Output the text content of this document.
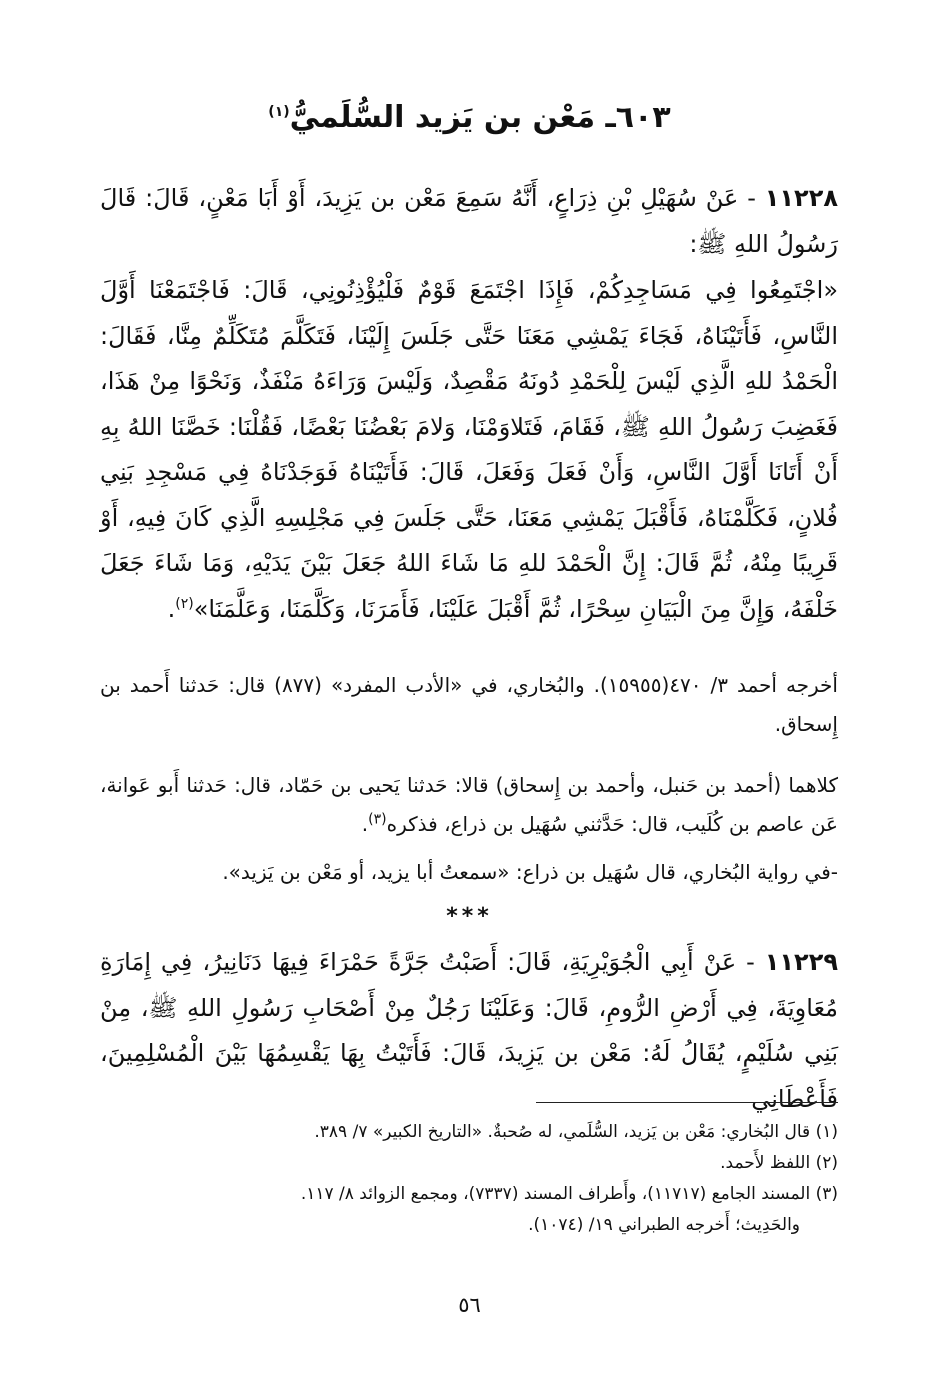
٦٠٣ـ مَعْن بن يَزيد السُّلَميُّ$^{(١)}$
١١٢٢٨ - عَنْ سُهَيْلِ بْنِ ذِرَاعٍ، أَنَّهُ سَمِعَ مَعْن بن يَزِيدَ، أَوْ أَبَا مَعْنٍ، قَالَ: قَالَ رَسُولُ اللهِ ﷺ:
«اجْتَمِعُوا فِي مَسَاجِدِكُمْ، فَإِذَا اجْتَمَعَ قَوْمٌ فَلْيُؤْذِنُونِي، قَالَ: فَاجْتَمَعْنَا أَوَّلَ النَّاسِ، فَأَتَيْنَاهُ، فَجَاءَ يَمْشِي مَعَنَا حَتَّى جَلَسَ إِلَيْنَا، فَتَكَلَّمَ مُتَكَلِّمٌ مِنَّا، فَقَالَ: الْحَمْدُ للهِ الَّذِي لَيْسَ لِلْحَمْدِ دُونَهُ مَقْصِدٌ، وَلَيْسَ وَرَاءَهُ مَنْفَذٌ، وَنَحْوًا مِنْ هَذَا، فَغَضِبَ رَسُولُ اللهِ ﷺ، فَقَامَ، فَتَلاوَمْنَا، وَلامَ بَعْضُنَا بَعْضًا، فَقُلْنَا: خَصَّنَا اللهُ بِهِ أَنْ أَتَانَا أَوَّلَ النَّاسِ، وَأَنْ فَعَلَ وَفَعَلَ، قَالَ: فَأَتَيْنَاهُ فَوَجَدْنَاهُ فِي مَسْجِدِ بَنِي فُلانٍ، فَكَلَّمْنَاهُ، فَأَقْبَلَ يَمْشِي مَعَنَا، حَتَّى جَلَسَ فِي مَجْلِسِهِ الَّذِي كَانَ فِيهِ، أَوْ قَرِيبًا مِنْهُ، ثُمَّ قَالَ: إِنَّ الْحَمْدَ للهِ مَا شَاءَ اللهُ جَعَلَ بَيْنَ يَدَيْهِ، وَمَا شَاءَ جَعَلَ خَلْفَهُ، وَإِنَّ مِنَ الْبَيَانِ سِحْرًا، ثُمَّ أَقْبَلَ عَلَيْنَا، فَأَمَرَنَا، وَكَلَّمَنَا، وَعَلَّمَنَا»$^{(٢)}$.
أخرجه أحمد ٣/ ٤٧٠(١٥٩٥٥). والبُخاري، في «الأدب المفرد» (٨٧٧) قال: حَدثنا أَحمد بن إِسحاق.
كلاهما (أحمد بن حَنبل، وأحمد بن إِسحاق) قالا: حَدثنا يَحيى بن حَمّاد، قال: حَدثنا أَبو عَوانة، عَن عاصم بن كُلَيب، قال: حَدَّثني سُهَيل بن ذراع، فذكره$^{(٣)}$.
-في رواية البُخاري، قال سُهَيل بن ذراع: «سمعتُ أبا يزيد، أو مَعْن بن يَزيد».
***
١١٢٢٩ - عَنْ أَبِي الْجُوَيْرِيَةِ، قَالَ: أَصَبْتُ جَرَّةً حَمْرَاءَ فِيهَا دَنَانِيرُ، فِي إِمَارَةِ مُعَاوِيَةَ، فِي أَرْضِ الرُّومِ، قَالَ: وَعَلَيْنَا رَجُلٌ مِنْ أَصْحَابِ رَسُولِ اللهِ ﷺ، مِنْ بَنِي سُلَيْمٍ، يُقَالُ لَهُ: مَعْن بن يَزِيدَ، قَالَ: فَأَتَيْتُ بِهَا يَقْسِمُهَا بَيْنَ الْمُسْلِمِينَ، فَأَعْطَانِي
(١) قال البُخاري: مَعْن بن يَزيد، السُّلَمي، له صُحبةٌ. «التاريخ الكبير» ٧/ ٣٨٩.
(٢) اللفظ لأَحمد.
(٣) المسند الجامع (١١٧١٧)، وأَطراف المسند (٧٣٣٧)، ومجمع الزوائد ٨/ ١١٧.
والحَدِيث؛ أَخرجه الطبراني ١٩/ (١٠٧٤).
٥٦
